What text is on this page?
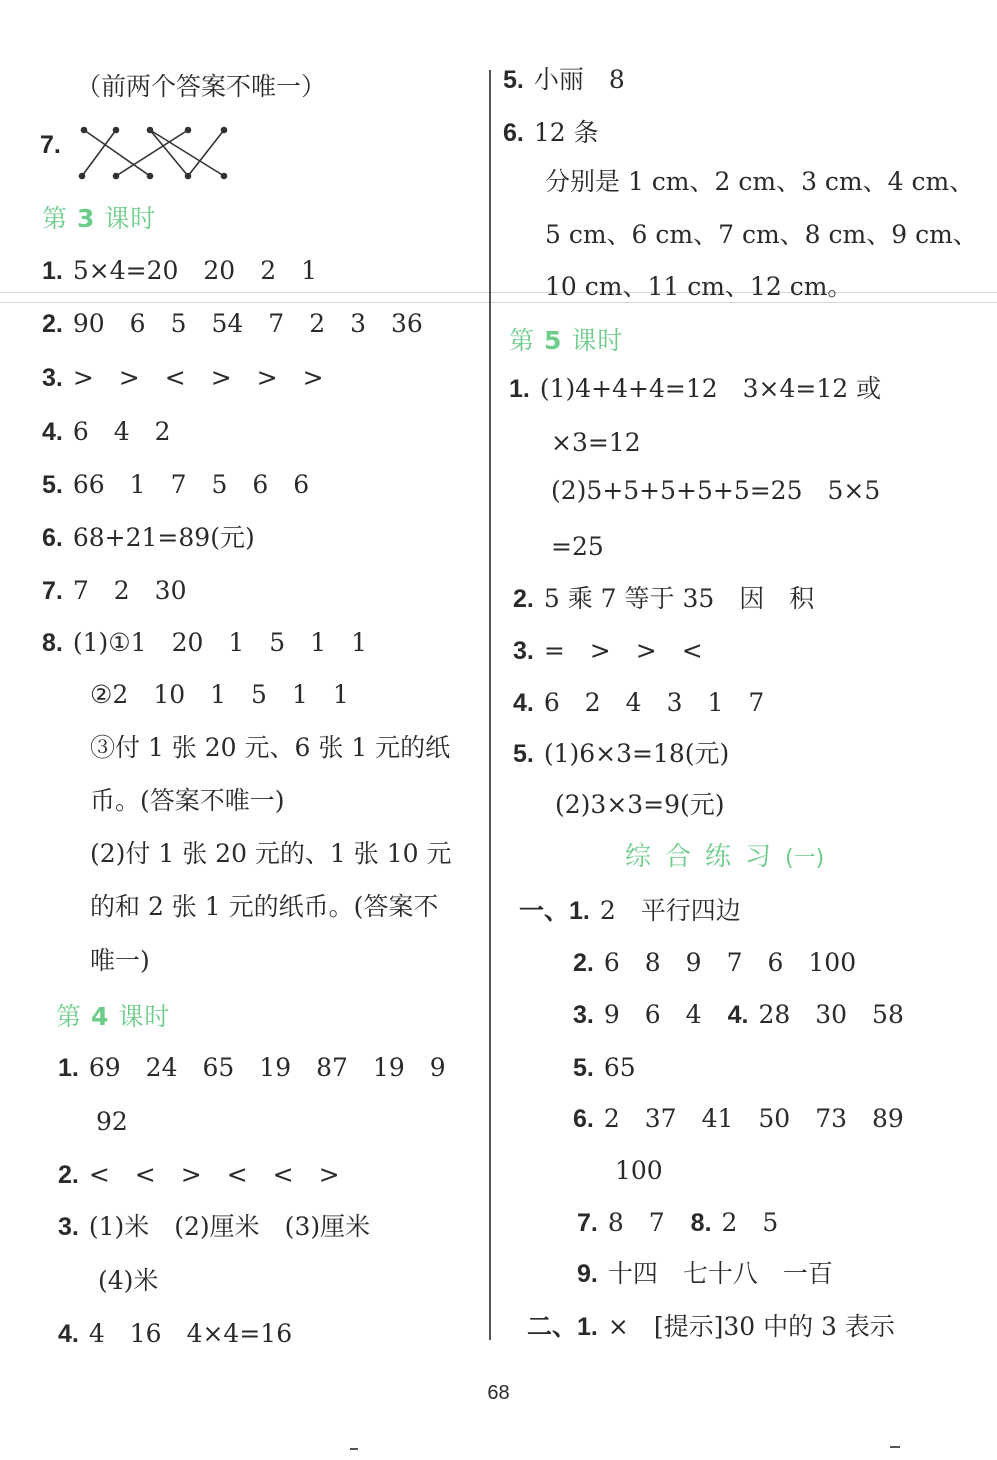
（前两个答案不唯一）
7.
第 3 课时
1. 5×4=20　20　2　1
2. 90　6　5　54　7　2　3　36
3. >　>　<　>　>　>
4. 6　4　2
5. 66　1　7　5　6　6
6. 68+21=89(元)
7. 7　2　30
8. (1)①1　20　1　5　1　1
②2　10　1　5　1　1
③付 1 张 20 元、6 张 1 元的纸
币。(答案不唯一)
(2)付 1 张 20 元的、1 张 10 元
的和 2 张 1 元的纸币。(答案不
唯一)
第 4 课时
1. 69　24　65　19　87　19　9
92
2. <　<　>　<　<　>
3. (1)米　(2)厘米　(3)厘米
(4)米
4. 4　16　4×4=16
5. 小丽　8
6. 12 条
分别是 1 cm、2 cm、3 cm、4 cm、
5 cm、6 cm、7 cm、8 cm、9 cm、
10 cm、11 cm、12 cm。
第 5 课时
1. (1)4+4+4=12　3×4=12 或
×3=12
(2)5+5+5+5+5=25　5×5
=25
2. 5 乘 7 等于 35　因　积
3. =　>　>　<
4. 6　2　4　3　1　7
5. (1)6×3=18(元)
(2)3×3=9(元)
综合练习(一)
一、1. 2　平行四边
2. 6　8　9　7　6　100
3. 9　6　4 4. 28　30　58
5. 65
6. 2　37　41　50　73　89
100
7. 8　7 8. 2　5
9. 十四　七十八　一百
二、1. ×　[提示]30 中的 3 表示
68
